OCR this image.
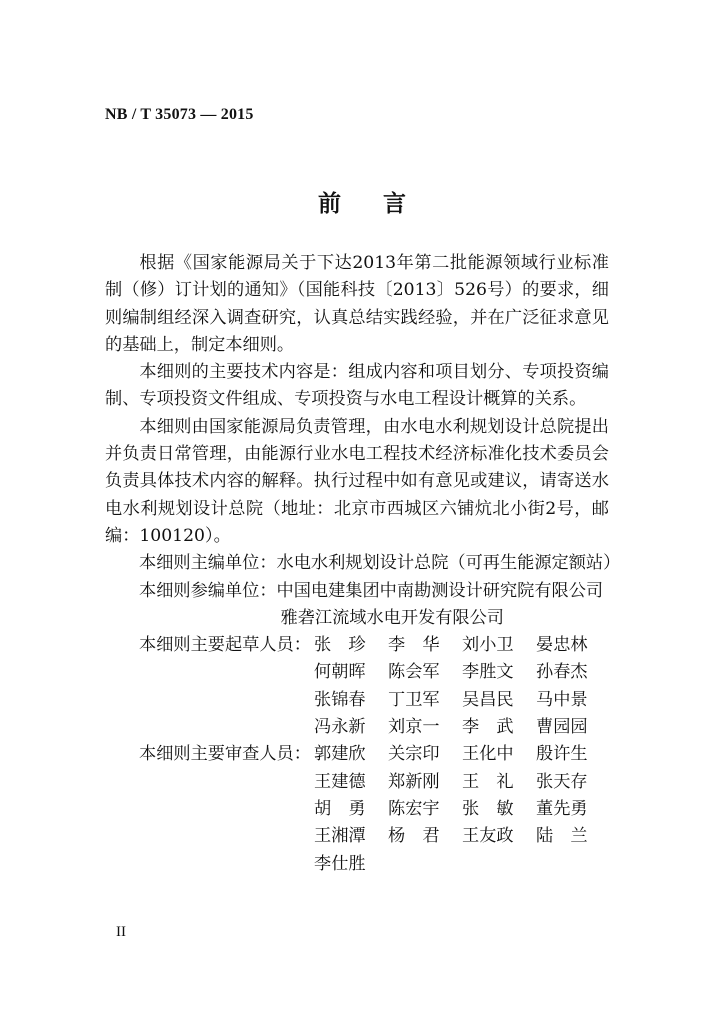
NB / T 35073 — 2015
前 言

根据《国家能源局关于下达2013年第二批能源领域行业标准制（修）订计划的通知》（国能科技〔2013〕526号）的要求，细则编制组经深入调查研究，认真总结实践经验，并在广泛征求意见的基础上，制定本细则。

本细则的主要技术内容是：组成内容和项目划分、专项投资编制、专项投资文件组成、专项投资与水电工程设计概算的关系。

本细则由国家能源局负责管理，由水电水利规划设计总院提出并负责日常管理，由能源行业水电工程技术经济标准化技术委员会负责具体技术内容的解释。执行过程中如有意见或建议，请寄送水电水利规划设计总院（地址：北京市西城区六铺炕北小街2号，邮编：100120）。

本细则主编单位： 水电水利规划设计总院（可再生能源定额站）
本细则参编单位： 中国电建集团中南勘测设计研究院有限公司
雅砻江流域水电开发有限公司
本细则主要起草人员： 张　珍	李　华	刘小卫	晏忠林
何朝晖	陈会军	李胜文	孙春杰
张锦春	丁卫军	吴昌民	马中景
冯永新	刘京一	李　武	曹园园
本细则主要审查人员： 郭建欣	关宗印	王化中	殷许生
王建德	郑新刚	王　礼	张天存
胡　勇	陈宏宇	张　敏	董先勇
王湘潭	杨　君	王友政	陆　兰
李仕胜
II
